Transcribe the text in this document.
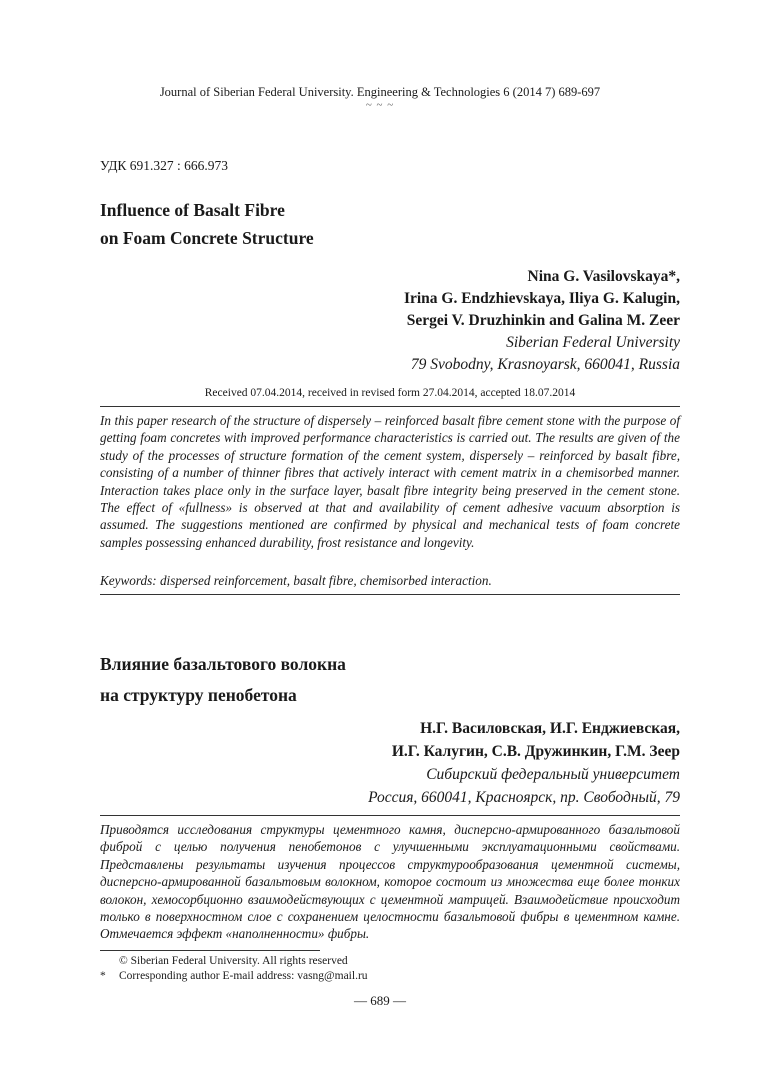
Journal of Siberian Federal University. Engineering & Technologies 6 (2014 7) 689-697
~ ~ ~
УДК 691.327 : 666.973
Influence of Basalt Fibre
on Foam Concrete Structure
Nina G. Vasilovskaya*,
Irina G. Endzhievskaya, Iliya G. Kalugin,
Sergei V. Druzhinkin and Galina M. Zeer
Siberian Federal University
79 Svobodny, Krasnoyarsk, 660041, Russia
Received 07.04.2014, received in revised form 27.04.2014, accepted 18.07.2014
In this paper research of the structure of dispersely – reinforced basalt fibre cement stone with the purpose of getting foam concretes with improved performance characteristics is carried out. The results are given of the study of the processes of structure formation of the cement system, dispersely – reinforced by basalt fibre, consisting of a number of thinner fibres that actively interact with cement matrix in a chemisorbed manner. Interaction takes place only in the surface layer, basalt fibre integrity being preserved in the cement stone. The effect of «fullness» is observed at that and availability of cement adhesive vacuum absorption is assumed. The suggestions mentioned are confirmed by physical and mechanical tests of foam concrete samples possessing enhanced durability, frost resistance and longevity.
Keywords: dispersed reinforcement, basalt fibre, chemisorbed interaction.
Влияние базальтового волокна
на структуру пенобетона
Н.Г. Василовская, И.Г. Енджиевская,
И.Г. Калугин, С.В. Дружинкин, Г.М. Зеер
Сибирский федеральный университет
Россия, 660041, Красноярск, пр. Свободный, 79
Приводятся исследования структуры цементного камня, дисперсно-армированного базальтовой фиброй с целью получения пенобетонов с улучшенными эксплуатационными свойствами. Представлены результаты изучения процессов структурообразования цементной системы, дисперсно-армированной базальтовым волокном, которое состоит из множества еще более тонких волокон, хемосорбционно взаимодействующих с цементной матрицей. Взаимодействие происходит только в поверхностном слое с сохранением целостности базальтовой фибры в цементном камне. Отмечается эффект «наполненности» фибры.
© Siberian Federal University. All rights reserved
* Corresponding author E-mail address: vasng@mail.ru
— 689 —
